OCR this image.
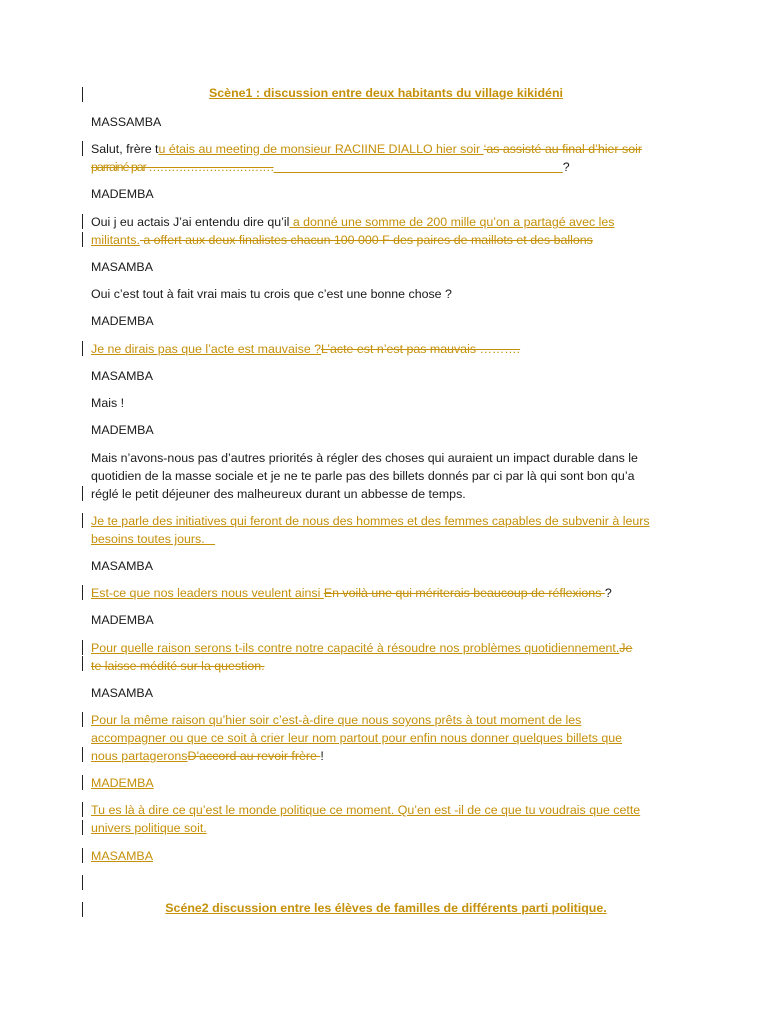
Scène1 : discussion entre deux habitants du village kikidéni
MASSAMBA
Salut, frère tu étais au meeting de monsieur RACIINE DIALLO hier soir ‘as assisté au final d’hier soir
parrainé par ……………………………	?
MADEMBA
Oui j eu actais J’ai entendu dire qu’il a donné une somme de 200 mille qu’on a partagé avec les
militants. a offert aux deux finalistes chacun 100 000 F des paires de maillots et des ballons
MASAMBA
Oui c’est tout à fait vrai mais tu crois que c’est une bonne chose ?
MADEMBA
Je ne dirais pas que l’acte est mauvaise ?L’acte est n’est pas mauvais ……….
MASAMBA
Mais !
MADEMBA
Mais n’avons-nous pas d’autres priorités à régler des choses qui auraient un impact durable dans le
quotidien de la masse sociale et je ne te parle pas des billets donnés par ci par là qui sont bon qu’a
réglé le petit déjeuner des malheureux durant un abbesse de temps.
Je te parle des initiatives qui feront de nous des hommes et des femmes capables de subvenir à leurs
besoins toutes jours.
MASAMBA
Est-ce que nos leaders nous veulent ainsi En voilà une qui mériterais beaucoup de réflexions ?
MADEMBA
Pour quelle raison serons t-ils contre notre capacité à résoudre nos problèmes quotidiennement.Je
te laisse médité sur la question.
MASAMBA
Pour la même raison qu’hier soir c’est-à-dire que nous soyons prêts à tout moment de les
accompagner ou que ce soit à crier leur nom partout pour enfin nous donner quelques billets que
nous partageronsD’accord au revoir frère !
MADEMBA
Tu es là à dire ce qu’est le monde politique ce moment. Qu’en est -il de ce que tu voudrais que cette
univers politique soit.
MASAMBA
Scéne2 discussion entre les élèves de familles de différents parti politique.
